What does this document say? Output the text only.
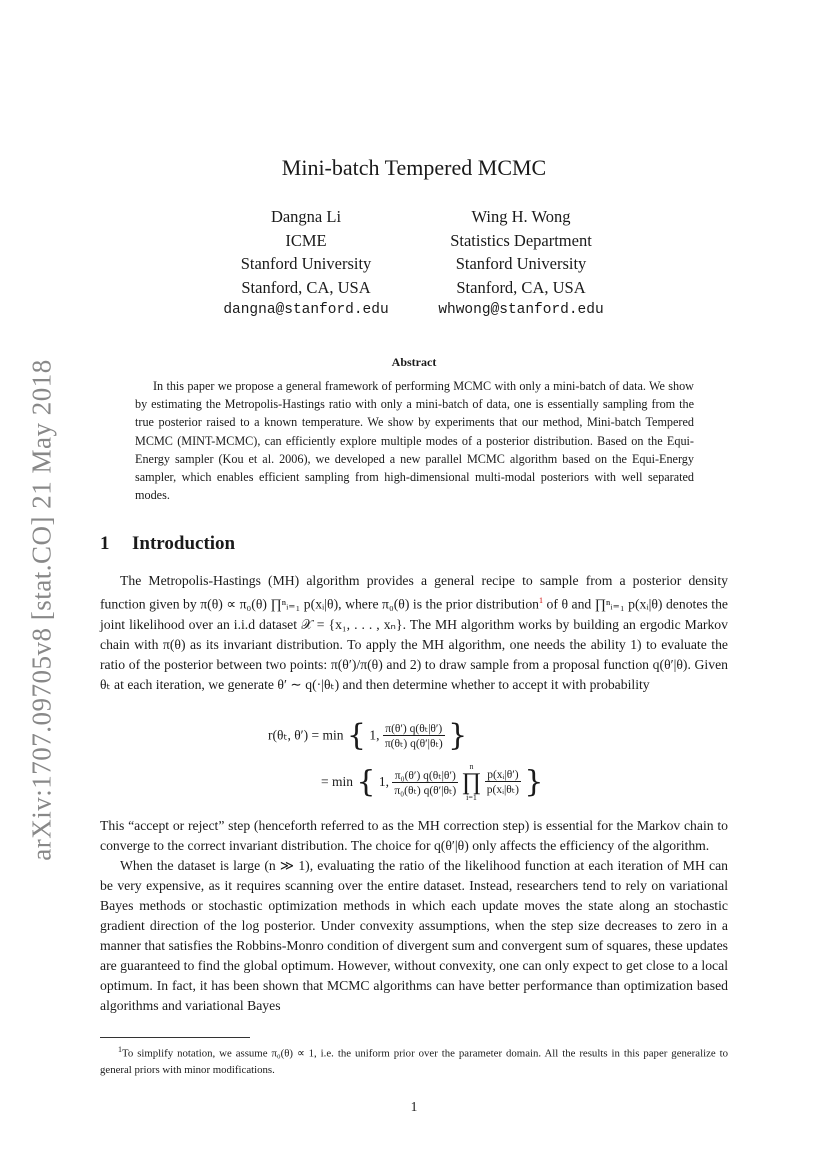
arXiv:1707.09705v8 [stat.CO] 21 May 2018
Mini-batch Tempered MCMC
Dangna Li
ICME
Stanford University
Stanford, CA, USA
dangna@stanford.edu
Wing H. Wong
Statistics Department
Stanford University
Stanford, CA, USA
whwong@stanford.edu
Abstract

In this paper we propose a general framework of performing MCMC with only a mini-batch of data. We show by estimating the Metropolis-Hastings ratio with only a mini-batch of data, one is essentially sampling from the true posterior raised to a known temperature. We show by experiments that our method, Mini-batch Tempered MCMC (MINT-MCMC), can efficiently explore multiple modes of a posterior distribution. Based on the Equi-Energy sampler (Kou et al. 2006), we developed a new parallel MCMC algorithm based on the Equi-Energy sampler, which enables efficient sampling from high-dimensional multi-modal posteriors with well separated modes.

1 Introduction

The Metropolis-Hastings (MH) algorithm provides a general recipe to sample from a posterior density function given by π(θ) ∝ π₀(θ) ∏ⁿᵢ₌₁ p(xᵢ|θ), where π₀(θ) is the prior distribution$^1$ of θ and ∏ⁿᵢ₌₁ p(xᵢ|θ) denotes the joint likelihood over an i.i.d dataset 𝒳 = {x₁, . . . , xₙ}. The MH algorithm works by building an ergodic Markov chain with π(θ) as its invariant distribution. To apply the MH algorithm, one needs the ability 1) to evaluate the ratio of the posterior between two points: π(θ′)/π(θ) and 2) to draw sample from a proposal function q(θ′|θ). Given θₜ at each iteration, we generate θ′ ∼ q(·|θₜ) and then determine whether to accept it with probability

r(θₜ, θ′) = min { 1, $\frac{\text{π(θ′) q(θₜ|θ′)}}{\text{π(θₜ) q(θ′|θₜ)}}$ }
= min { 1, $\frac{\text{π₀(θ′) q(θₜ|θ′)}}{\text{π₀(θₜ) q(θ′|θₜ)}}$
n
∏
i=1
$\frac{\text{p(xᵢ|θ′)}}{\text{p(xᵢ|θₜ)}}$ }

This “accept or reject” step (henceforth referred to as the MH correction step) is essential for the Markov chain to converge to the correct invariant distribution. The choice for q(θ′|θ) only affects the efficiency of the algorithm.

When the dataset is large (n ≫ 1), evaluating the ratio of the likelihood function at each iteration of MH can be very expensive, as it requires scanning over the entire dataset. Instead, researchers tend to rely on variational Bayes methods or stochastic optimization methods in which each update moves the state along an stochastic gradient direction of the log posterior. Under convexity assumptions, when the step size decreases to zero in a manner that satisfies the Robbins-Monro condition of divergent sum and convergent sum of squares, these updates are guaranteed to find the global optimum. However, without convexity, one can only expect to get close to a local optimum. In fact, it has been shown that MCMC algorithms can have better performance than optimization based algorithms and variational Bayes

$^1$To simplify notation, we assume π₀(θ) ∝ 1, i.e. the uniform prior over the parameter domain. All the results in this paper generalize to general priors with minor modifications.
1
